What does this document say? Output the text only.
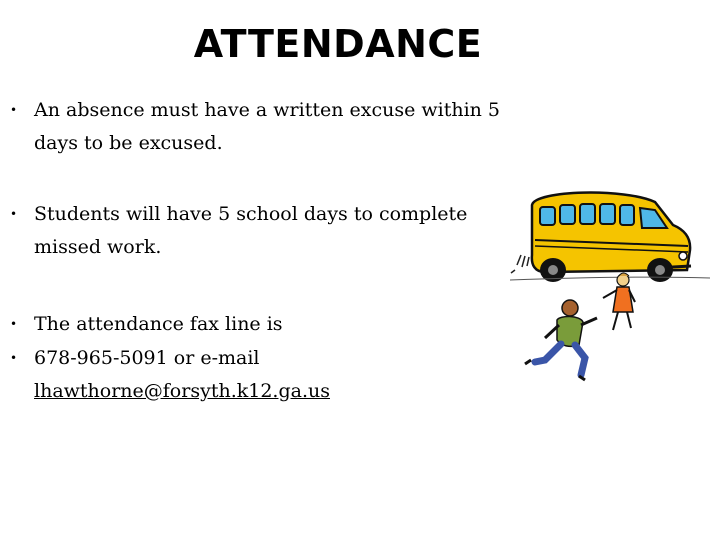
ATTENDANCE
• An absence must have a written excuse within 5 days to be excused.
• Students will have 5 school days to complete missed work.
• The attendance fax line is
• 678-965-5091 or e-mail lhawthorne@forsyth.k12.ga.us
